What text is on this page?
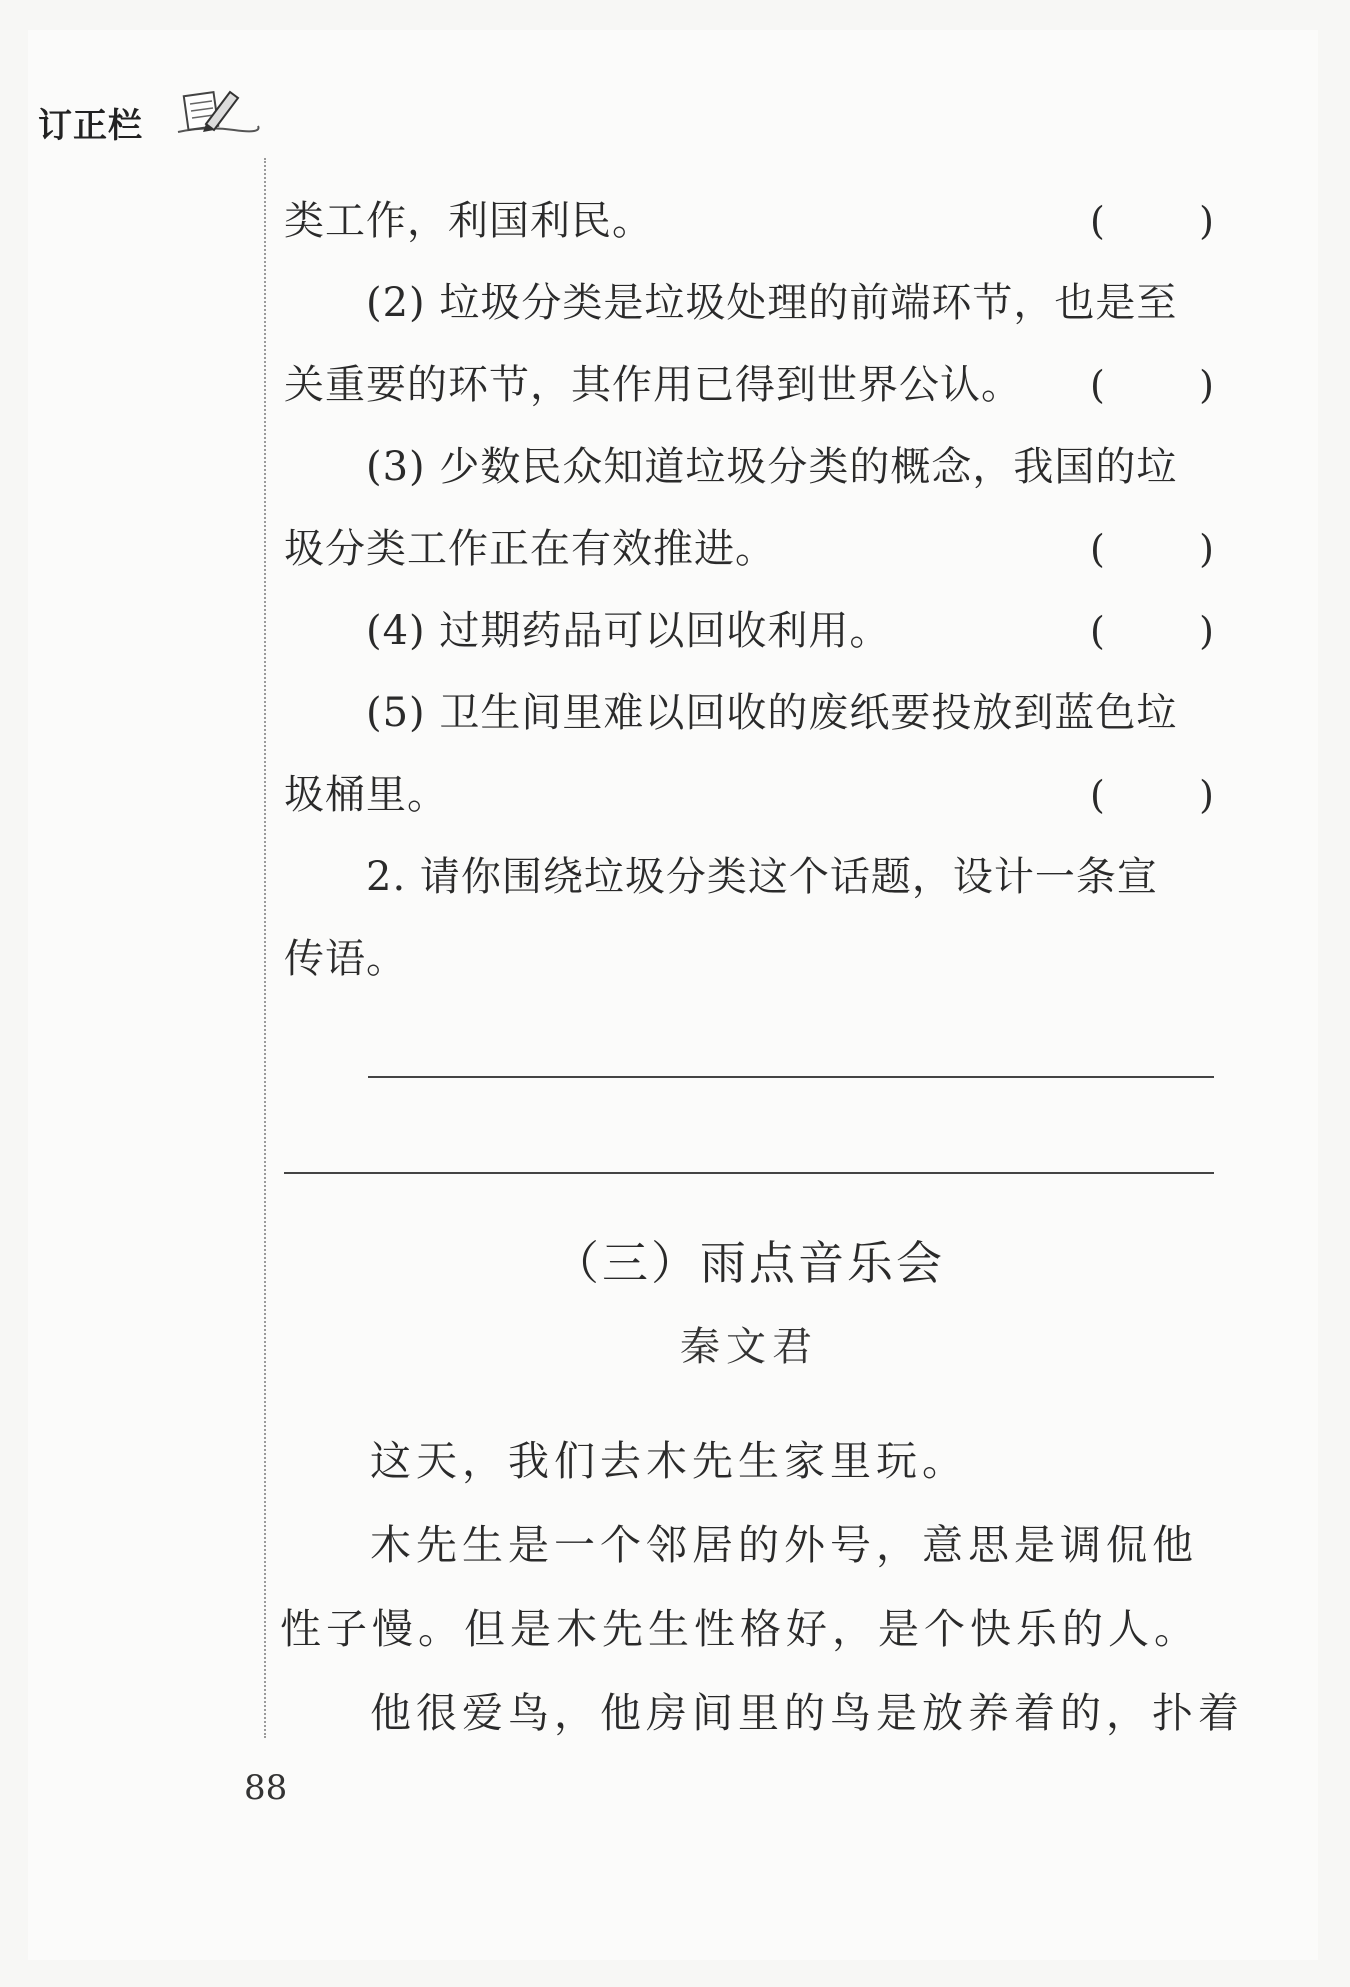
订正栏
类工作，利国利民。	( )
(2) 垃圾分类是垃圾处理的前端环节，也是至
关重要的环节，其作用已得到世界公认。	( )
(3) 少数民众知道垃圾分类的概念，我国的垃
圾分类工作正在有效推进。	( )
(4) 过期药品可以回收利用。	( )
(5) 卫生间里难以回收的废纸要投放到蓝色垃
圾桶里。	( )
2. 请你围绕垃圾分类这个话题，设计一条宣
传语。
（三）雨点音乐会
秦文君
这天，我们去木先生家里玩。
木先生是一个邻居的外号，意思是调侃他
性子慢。但是木先生性格好，是个快乐的人。
他很爱鸟，他房间里的鸟是放养着的，扑着
88
